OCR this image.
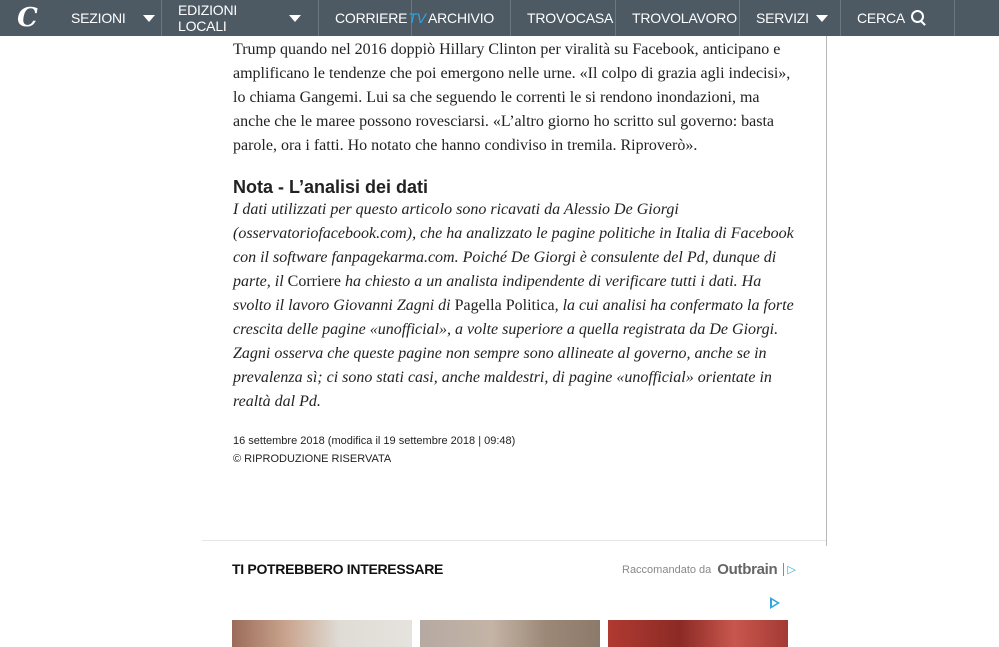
C	SEZIONI	EDIZIONI LOCALI	CORRIERE TV ARCHIVIO	TROVOCASA	TROVOLAVORO	SERVIZI	CERCA

Trump quando nel 2016 doppiò Hillary Clinton per viralità su Facebook, anticipano e amplificano le tendenze che poi emergono nelle urne. «Il colpo di grazia agli indecisi», lo chiama Gangemi. Lui sa che seguendo le correnti le si rendono inondazioni, ma anche che le maree possono rovesciarsi. «L’altro giorno ho scritto sul governo: basta parole, ora i fatti. Ho notato che hanno condiviso in tremila. Riproverò».

Nota - L’analisi dei dati

I dati utilizzati per questo articolo sono ricavati da Alessio De Giorgi (osservatoriofacebook.com), che ha analizzato le pagine politiche in Italia di Facebook con il software fanpagekarma.com. Poiché De Giorgi è consulente del Pd, dunque di parte, il Corriere ha chiesto a un analista indipendente di verificare tutti i dati. Ha svolto il lavoro Giovanni Zagni di Pagella Politica, la cui analisi ha confermato la forte crescita delle pagine «unofficial», a volte superiore a quella registrata da De Giorgi. Zagni osserva che queste pagine non sempre sono allineate al governo, anche se in prevalenza sì; ci sono stati casi, anche maldestri, di pagine «unofficial» orientate in realtà dal Pd.

16 settembre 2018 (modifica il 19 settembre 2018 | 09:48)
© RIPRODUZIONE RISERVATA
TI POTREBBERO INTERESSARE	Raccomandato da Outbrain ▷
